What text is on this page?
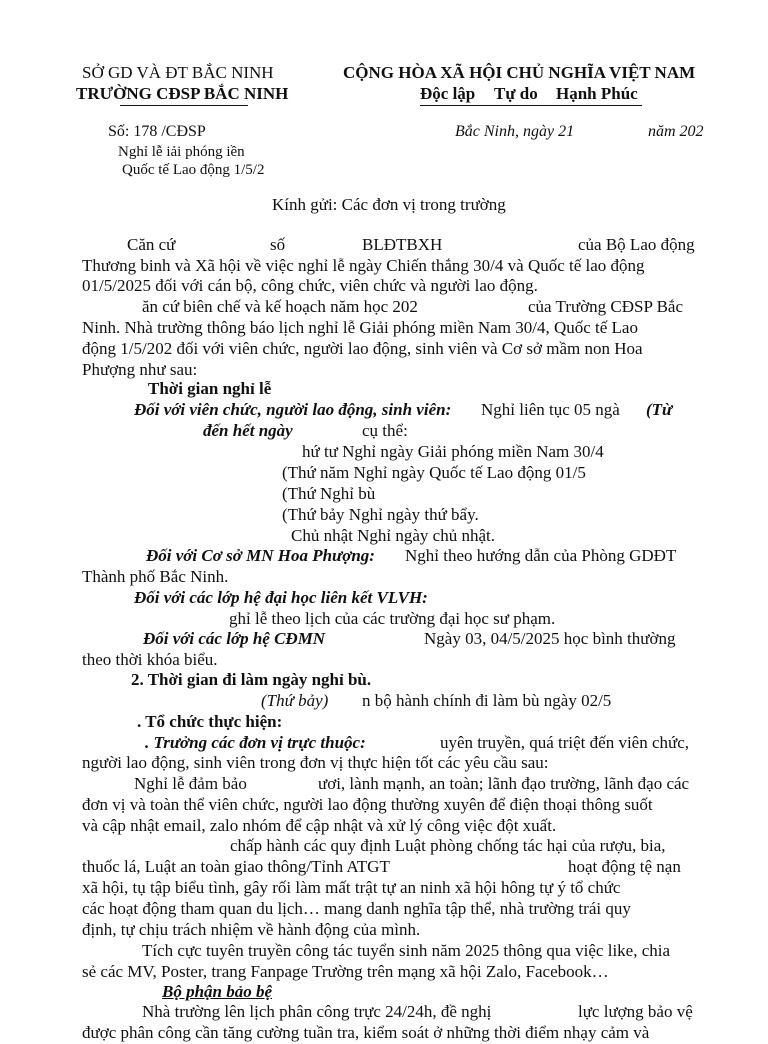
SỞ GD VÀ ĐT BẮC NINH
TRƯỜNG CĐSP BẮC NINH
CỘNG HÒA XÃ HỘI CHỦ NGHĨA VIỆT NAM
Độc lập Tự do Hạnh Phúc
Số: 178 /CĐSP
Nghỉ lễ iải phóng iền
Quốc tế Lao động 1/5/2
Bắc Ninh, ngày 21	năm 202
Kính gửi: Các đơn vị trong trường
Căn cứ	số	BLĐTBXH	của Bộ Lao động
Thương binh và Xã hội về việc nghỉ lễ ngày Chiến thắng 30/4 và Quốc tế lao động
01/5/2025 đối với cán bộ, công chức, viên chức và người lao động.
ăn cứ biên chế và kế hoạch năm học 202	của Trường CĐSP Bắc
Ninh. Nhà trường thông báo lịch nghỉ lễ Giải phóng miền Nam 30/4, Quốc tế Lao
động 1/5/202 đối với viên chức, người lao động, sinh viên và Cơ sở mầm non Hoa
Phượng như sau:
Thời gian nghỉ lễ
Đối với viên chức, người lao động, sinh viên: Nghỉ liên tục 05 ngà (Từ
đến hết ngày	cụ thể:
hứ tư Nghỉ ngày Giải phóng miền Nam 30/4
(Thứ năm Nghỉ ngày Quốc tế Lao động 01/5
(Thứ Nghỉ bù
(Thứ bảy Nghỉ ngày thứ bẩy.
Chủ nhật Nghỉ ngày chủ nhật.
Đối với Cơ sở MN Hoa Phượng: Nghỉ theo hướng dẫn của Phòng GDĐT
Thành phố Bắc Ninh.
Đối với các lớp hệ đại học liên kết VLVH:
ghỉ lễ theo lịch của các trường đại học sư phạm.
Đối với các lớp hệ CĐMN	Ngày 03, 04/5/2025 học bình thường
theo thời khóa biểu.
2. Thời gian đi làm ngày nghỉ bù.
(Thứ bảy) n bộ hành chính đi làm bù ngày 02/5
. Tổ chức thực hiện:
. Trưởng các đơn vị trực thuộc:	uyên truyền, quá triệt đến viên chức,
người lao động, sinh viên trong đơn vị thực hiện tốt các yêu cầu sau:
Nghỉ lễ đảm bảo	ươi, lành mạnh, an toàn; lãnh đạo trường, lãnh đạo các
đơn vị và toàn thể viên chức, người lao động thường xuyên để điện thoại thông suốt
và cập nhật email, zalo nhóm để cập nhật và xử lý công việc đột xuất.
chấp hành các quy định Luật phòng chống tác hại của rượu, bia,
thuốc lá, Luật an toàn giao thông/Tỉnh ATGT	hoạt động tệ nạn
xã hội, tụ tập biểu tình, gây rối làm mất trật tự an ninh xã hội hông tự ý tổ chức
các hoạt động tham quan du lịch… mang danh nghĩa tập thể, nhà trường trái quy
định, tự chịu trách nhiệm về hành động của mình.
Tích cực tuyên truyền công tác tuyển sinh năm 2025 thông qua việc like, chia
sẻ các MV, Poster, trang Fanpage Trường trên mạng xã hội Zalo, Facebook…
Bộ phận bảo bệ
Nhà trường lên lịch phân công trực 24/24h, đề nghị	lực lượng bảo vệ
được phân công cần tăng cường tuần tra, kiểm soát ở những thời điểm nhạy cảm và
